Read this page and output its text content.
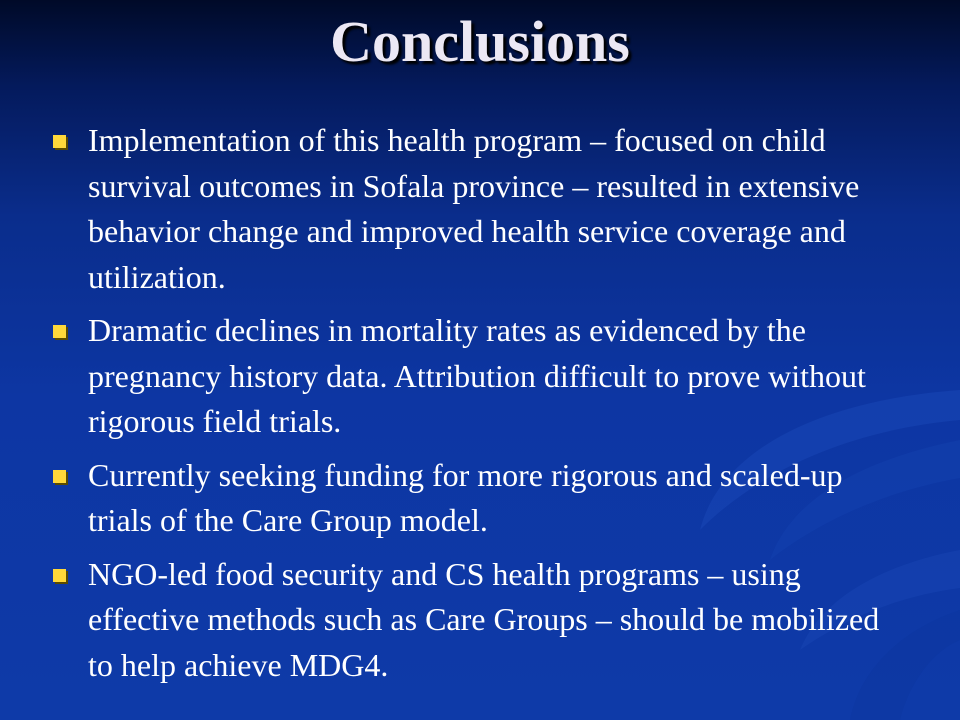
Conclusions
Implementation of this health program – focused on child survival outcomes in Sofala province – resulted in extensive behavior change and improved health service coverage and utilization.
Dramatic declines in mortality rates as evidenced by the pregnancy history data. Attribution difficult to prove without rigorous field trials.
Currently seeking funding for more rigorous and scaled-up trials of the Care Group model.
NGO-led food security and CS health programs – using effective methods such as Care Groups – should be mobilized to help achieve MDG4.
